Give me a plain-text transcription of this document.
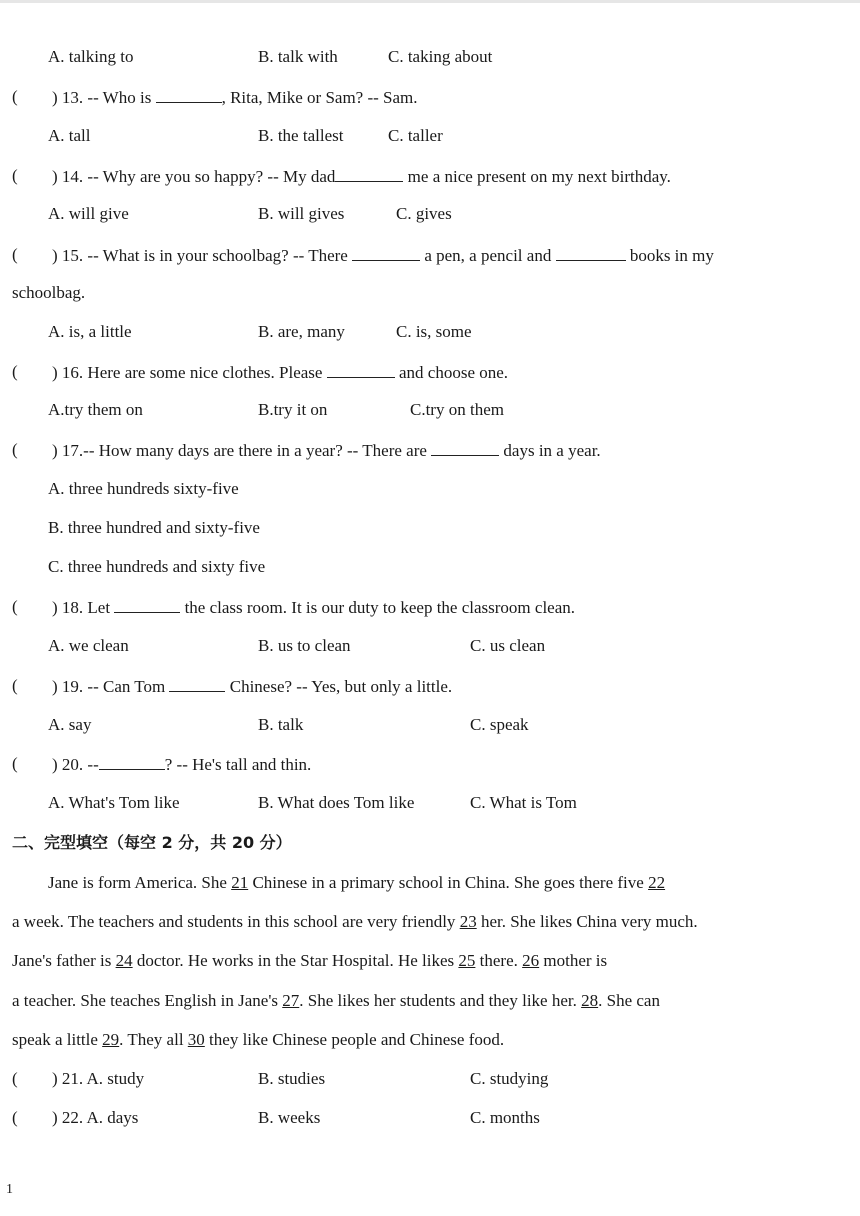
A. talking to	B. talk with	C. taking about
( ) 13. -- Who is	, Rita, Mike or Sam? -- Sam.
A. tall	B. the tallest	C. taller
( ) 14. -- Why are you so happy? -- My dad	me a nice present on my next birthday.
A. will give	B. will gives	C. gives
( ) 15. -- What is in your schoolbag? -- There	a pen, a pencil and	books in my
schoolbag.
A. is, a little	B. are, many	C. is, some
( ) 16. Here are some nice clothes. Please	and choose one.
A.try them on	B.try it on	C.try on them
( ) 17.-- How many days are there in a year? -- There are	days in a year.
A. three hundreds sixty-five
B. three hundred and sixty-five
C. three hundreds and sixty five
( ) 18. Let	the class room. It is our duty to keep the classroom clean.
A. we clean	B. us to clean	C. us clean
( ) 19. -- Can Tom	Chinese? -- Yes, but only a little.
A. say	B. talk	C. speak
( ) 20. --	? -- He's tall and thin.
A. What's Tom like	B. What does Tom like	C. What is Tom
二、完型填空（每空 2 分，共 20 分）
Jane is form America. She 21 Chinese in a primary school in China. She goes there five 22
a week. The teachers and students in this school are very friendly 23 her. She likes China very much.
Jane's father is 24 doctor. He works in the Star Hospital. He likes 25 there. 26 mother is
a teacher. She teaches English in Jane's 27. She likes her students and they like her. 28. She can
speak a little 29. They all 30 they like Chinese people and Chinese food.
( ) 21. A. study	B. studies	C. studying
( ) 22. A. days	B. weeks	C. months
1
